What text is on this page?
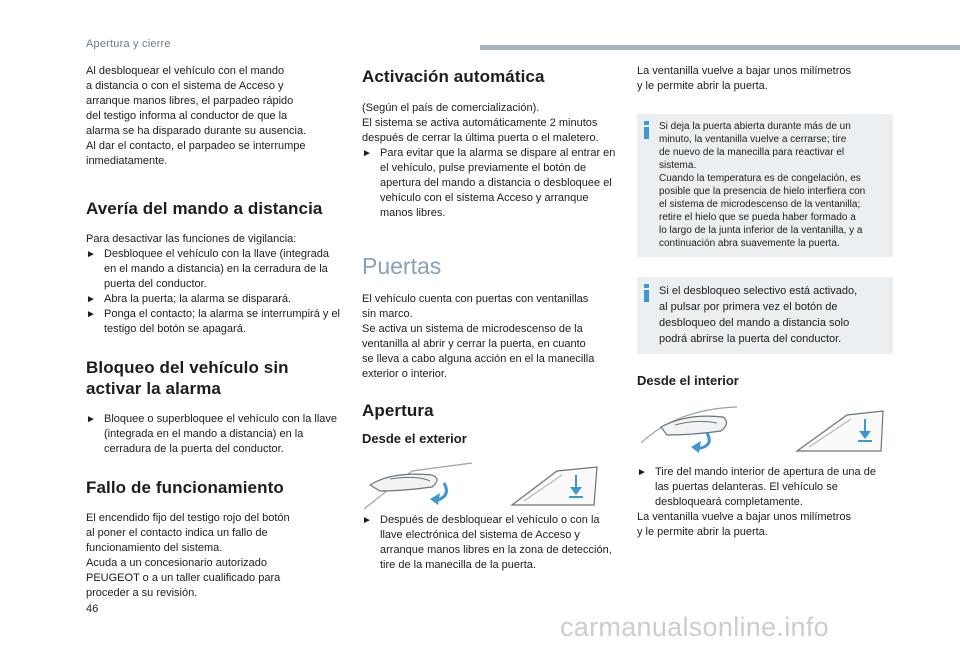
Apertura y cierre

Al desbloquear el vehículo con el mando

a distancia o con el sistema de Acceso y

arranque manos libres, el parpadeo rápido

del testigo informa al conductor de que la

alarma se ha disparado durante su ausencia.

Al dar el contacto, el parpadeo se interrumpe

inmediatamente.

Avería del mando a distancia

Para desactivar las funciones de vigilancia:

► Desbloquee el vehículo con la llave (integrada en el mando a distancia) en la cerradura de la puerta del conductor.
► Abra la puerta; la alarma se disparará.
► Ponga el contacto; la alarma se interrumpirá y el testigo del botón se apagará.
Bloqueo del vehículo sin
activar la alarma
► Bloquee o superbloquee el vehículo con la llave (integrada en el mando a distancia) en la cerradura de la puerta del conductor.
Fallo de funcionamiento

El encendido fijo del testigo rojo del botón

al poner el contacto indica un fallo de

funcionamiento del sistema.

Acuda a un concesionario autorizado

PEUGEOT o a un taller cualificado para

proceder a su revisión.

Activación automática

(Según el país de comercialización).

El sistema se activa automáticamente 2 minutos

después de cerrar la última puerta o el maletero.

► Para evitar que la alarma se dispare al entrar en el vehículo, pulse previamente el botón de apertura del mando a distancia o desbloquee el vehículo con el sistema Acceso y arranque manos libres.
Puertas

El vehículo cuenta con puertas con ventanillas

sin marco.

Se activa un sistema de microdescenso de la

ventanilla al abrir y cerrar la puerta, en cuanto

se lleva a cabo alguna acción en el la manecilla

exterior o interior.

Apertura
Desde el exterior
► Después de desbloquear el vehículo o con la llave electrónica del sistema de Acceso y arranque manos libres en la zona de detección, tire de la manecilla de la puerta.

La ventanilla vuelve a bajar unos milímetros

y le permite abrir la puerta.

Si deja la puerta abierta durante más de un

minuto, la ventanilla vuelve a cerrarse; tire

de nuevo de la manecilla para reactivar el

sistema.

Cuando la temperatura es de congelación, es

posible que la presencia de hielo interfiera con

el sistema de microdescenso de la ventanilla;

retire el hielo que se pueda haber formado a

lo largo de la junta inferior de la ventanilla, y a

continuación abra suavemente la puerta.

Si el desbloqueo selectivo está activado,

al pulsar por primera vez el botón de

desbloqueo del mando a distancia solo

podrá abrirse la puerta del conductor.

Desde el interior
► Tire del mando interior de apertura de una de las puertas delanteras. El vehículo se desbloqueará completamente.

La ventanilla vuelve a bajar unos milímetros

y le permite abrir la puerta.

46
carmanualsonline.info
